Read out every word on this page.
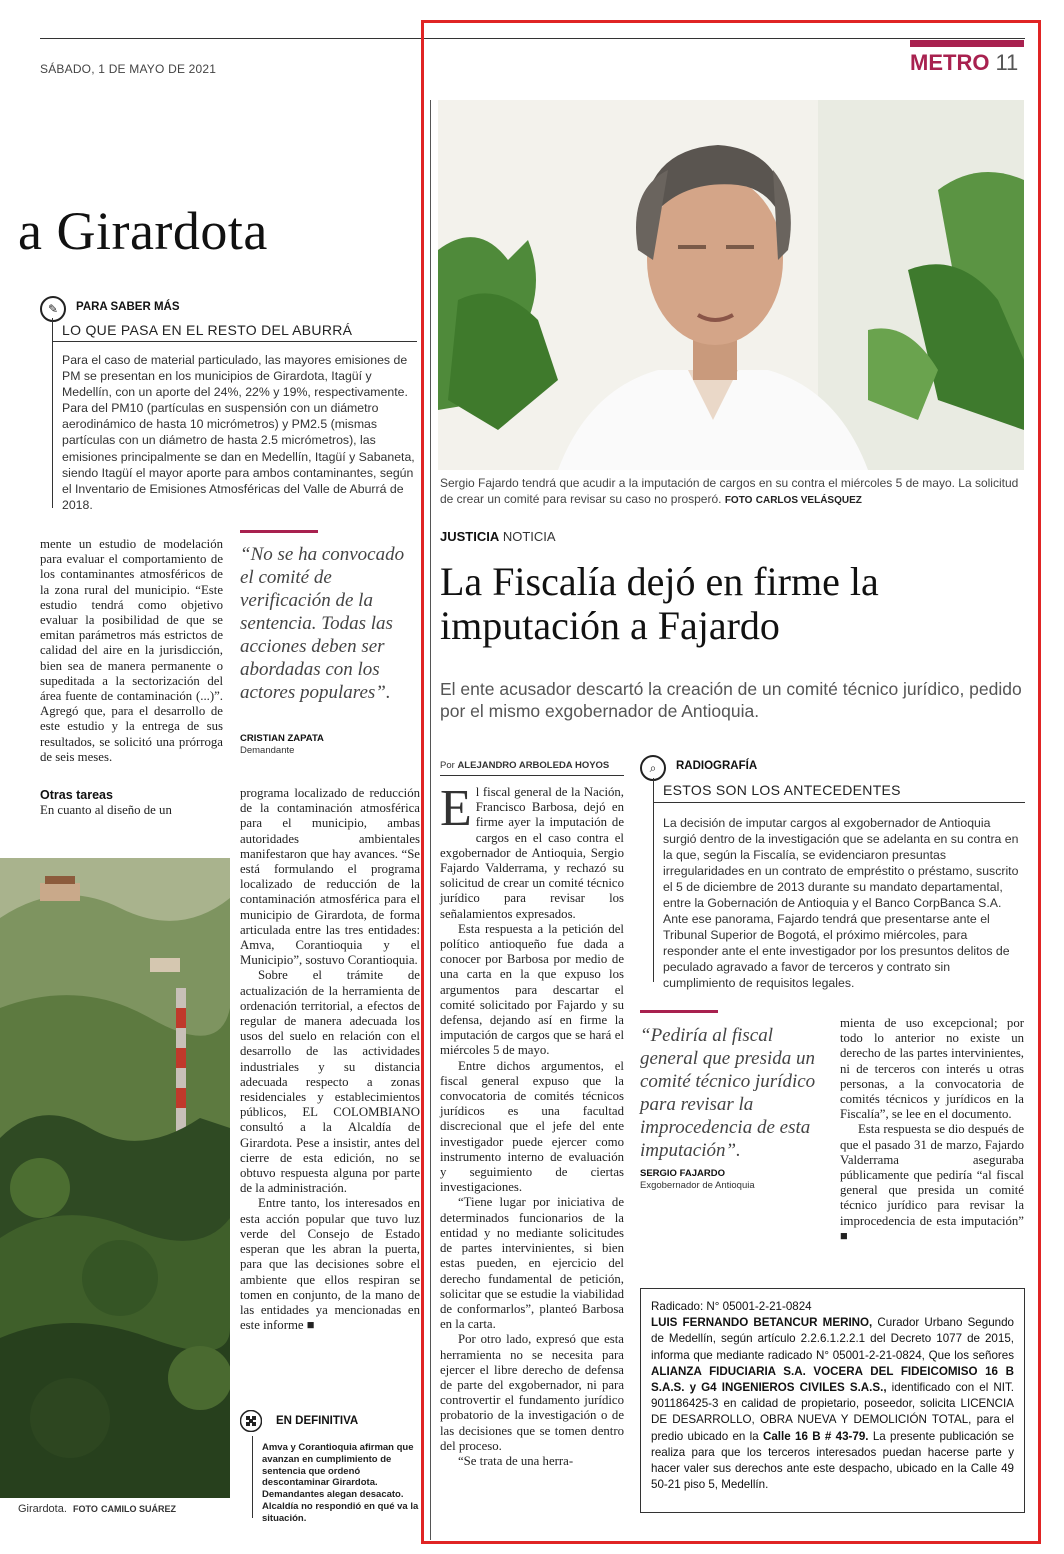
SÁBADO, 1 DE MAYO DE 2021	METRO 11
a Girardota
✎	PARA SABER MÁS
LO QUE PASA EN EL RESTO DEL ABURRÁ
Para el caso de material particulado, las mayores emisiones de PM se presentan en los municipios de Girardota, Itagüí y Medellín, con un aporte del 24%, 22% y 19%, respectivamente. Para del PM10 (partículas en suspensión con un diámetro aerodinámico de hasta 10 micrómetros) y PM2.5 (mismas partículas con un diámetro de hasta 2.5 micrómetros), las emisiones principalmente se dan en Medellín, Itagüí y Sabaneta, siendo Itagüí el mayor aporte para ambos contaminantes, según el Inventario de Emisiones Atmosféricas del Valle de Aburrá de 2018.
mente un estudio de modelación para evaluar el comportamiento de los contaminantes atmosféricos de la zona rural del municipio. “Este estudio tendrá como objetivo evaluar la posibilidad de que se emitan parámetros más estrictos de calidad del aire en la jurisdicción, bien sea de manera permanente o supeditada a la sectorización del área fuente de contaminación (...)”. Agregó que, para el desarrollo de este estudio y la entrega de sus resultados, se solicitó una prórroga de seis meses.
Otras tareas
En cuanto al diseño de un
“No se ha convocado el comité de verificación de la sentencia. Todas las acciones deben ser abordadas con los actores populares”.
CRISTIAN ZAPATA
Demandante
programa localizado de reducción de la contaminación atmosférica para el municipio, ambas autoridades ambientales manifestaron que hay avances. “Se está formulando el programa localizado de reducción de la contaminación atmosférica para el municipio de Girardota, de forma articulada entre las tres entidades: Amva, Corantioquia y el Municipio”, sostuvo Corantioquia.
Sobre el trámite de actualización de la herramienta de ordenación territorial, a efectos de regular de manera adecuada los usos del suelo en relación con el desarrollo de las actividades industriales y su distancia adecuada respecto a zonas residenciales y establecimientos públicos, EL COLOMBIANO consultó a la Alcaldía de Girardota. Pese a insistir, antes del cierre de esta edición, no se obtuvo respuesta alguna por parte de la administración.
Entre tanto, los interesados en esta acción popular que tuvo luz verde del Consejo de Estado esperan que les abran la puerta, para que las decisiones sobre el ambiente que ellos respiran se tomen en conjunto, de la mano de las entidades ya mencionadas en este informe ■
Girardota. FOTO CAMILO SUÁREZ
EN DEFINITIVA
Amva y Corantioquia afirman que avanzan en cumplimiento de sentencia que ordenó descontaminar Girardota. Demandantes alegan desacato. Alcaldía no respondió en qué va la situación.
Sergio Fajardo tendrá que acudir a la imputación de cargos en su contra el miércoles 5 de mayo. La solicitud de crear un comité para revisar su caso no prosperó. FOTO CARLOS VELÁSQUEZ
JUSTICIA NOTICIA
La Fiscalía dejó en firme la imputación a Fajardo
El ente acusador descartó la creación de un comité técnico jurídico, pedido por el mismo exgobernador de Antioquia.
Por ALEJANDRO ARBOLEDA HOYOS
El fiscal general de la Nación, Francisco Barbosa, dejó en firme ayer la imputación de cargos en el caso contra el exgobernador de Antioquia, Sergio Fajardo Valderrama, y rechazó su solicitud de crear un comité técnico jurídico para revisar los señalamientos expresados.
Esta respuesta a la petición del político antioqueño fue dada a conocer por Barbosa por medio de una carta en la que expuso los argumentos para descartar el comité solicitado por Fajardo y su defensa, dejando así en firme la imputación de cargos que se hará el miércoles 5 de mayo.
Entre dichos argumentos, el fiscal general expuso que la convocatoria de comités técnicos jurídicos es una facultad discrecional que el jefe del ente investigador puede ejercer como instrumento interno de evaluación y seguimiento de ciertas investigaciones.
“Tiene lugar por iniciativa de determinados funcionarios de la entidad y no mediante solicitudes de partes intervinientes, si bien estas pueden, en ejercicio del derecho fundamental de petición, solicitar que se estudie la viabilidad de conformarlos”, planteó Barbosa en la carta.
Por otro lado, expresó que esta herramienta no se necesita para ejercer el libre derecho de defensa de parte del exgobernador, ni para controvertir el fundamento jurídico probatorio de la investigación o de las decisiones que se tomen dentro del proceso.
“Se trata de una herra-
⌕	RADIOGRAFÍA
ESTOS SON LOS ANTECEDENTES
La decisión de imputar cargos al exgobernador de Antioquia surgió dentro de la investigación que se adelanta en su contra en la que, según la Fiscalía, se evidenciaron presuntas irregularidades en un contrato de empréstito o préstamo, suscrito el 5 de diciembre de 2013 durante su mandato departamental, entre la Gobernación de Antioquia y el Banco CorpBanca S.A. Ante ese panorama, Fajardo tendrá que presentarse ante el Tribunal Superior de Bogotá, el próximo miércoles, para responder ante el ente investigador por los presuntos delitos de peculado agravado a favor de terceros y contrato sin cumplimiento de requisitos legales.
“Pediría al fiscal general que presida un comité técnico jurídico para revisar la improcedencia de esta imputación”.
SERGIO FAJARDO
Exgobernador de Antioquia
mienta de uso excepcional; por todo lo anterior no existe un derecho de las partes intervinientes, ni de terceros con interés u otras personas, a la convocatoria de comités técnicos y jurídicos en la Fiscalía”, se lee en el documento.
Esta respuesta se dio después de que el pasado 31 de marzo, Fajardo Valderrama aseguraba públicamente que pediría “al fiscal general que presida un comité técnico jurídico para revisar la improcedencia de esta imputación” ■
Radicado: N° 05001-2-21-0824
LUIS FERNANDO BETANCUR MERINO, Curador Urbano Segundo de Medellín, según artículo 2.2.6.1.2.2.1 del Decreto 1077 de 2015, informa que mediante radicado N° 05001-2-21-0824, Que los señores ALIANZA FIDUCIARIA S.A. VOCERA DEL FIDEICOMISO 16 B S.A.S. y G4 INGENIEROS CIVILES S.A.S., identificado con el NIT. 901186425-3 en calidad de propietario, poseedor, solicita LICENCIA DE DESARROLLO, OBRA NUEVA Y DEMOLICIÓN TOTAL, para el predio ubicado en la Calle 16 B # 43-79. La presente publicación se realiza para que los terceros interesados puedan hacerse parte y hacer valer sus derechos ante este despacho, ubicado en la Calle 49 50-21 piso 5, Medellín.
